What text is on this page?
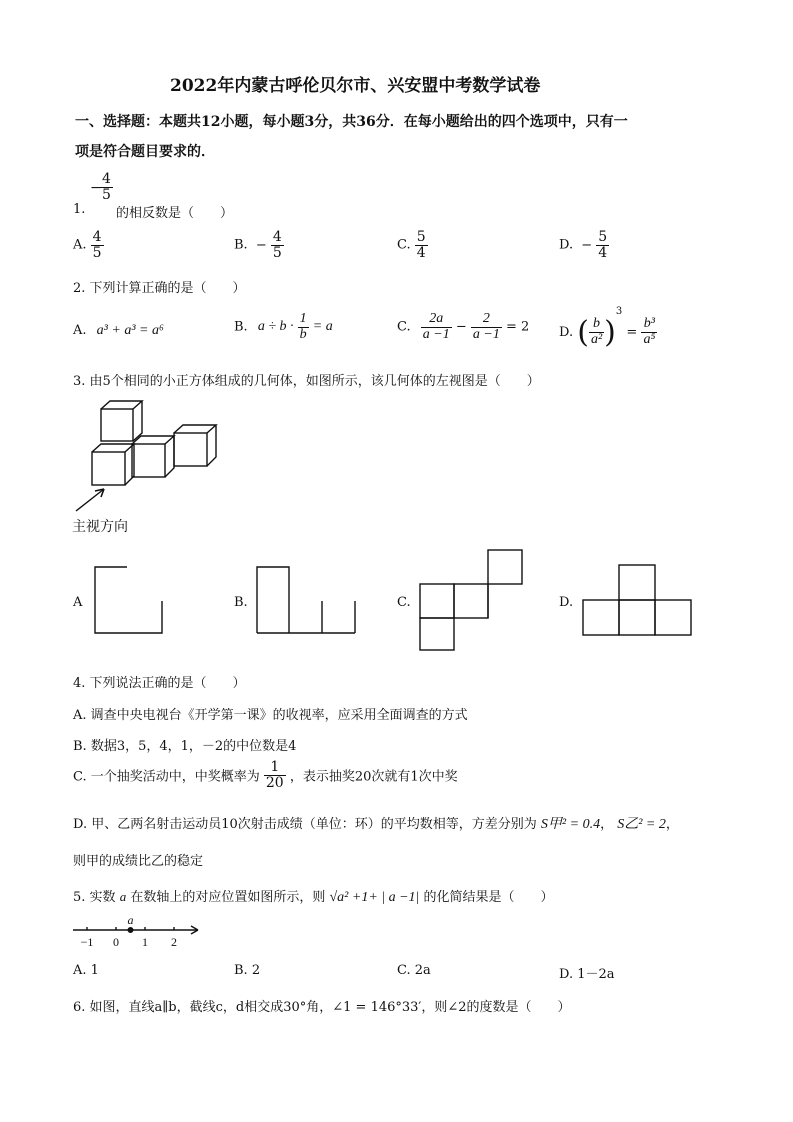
2022年内蒙古呼伦贝尔市、兴安盟中考数学试卷
一、选择题：本题共12小题，每小题3分，共36分．在每小题给出的四个选项中，只有一
项是符合题目要求的．
−
$\frac{4}{5}$
1. 的相反数是（　　）
A. $\frac{4}{5}$	B. − $\frac{4}{5}$	C. $\frac{5}{4}$	D. − $\frac{5}{4}$
2. 下列计算正确的是（　　）
A. a³ + a³ = a⁶	B. $a \div b \cdot \frac{1}{b} = a$	C. $\frac{2a}{a -1} - \frac{2}{a -1} = 2$ D. ( $\frac{b}{\text{a²}} )^3 = \frac{\text{b³}}{\text{a⁵}}$
3. 由5个相同的小正方体组成的几何体，如图所示，该几何体的左视图是（　　）
主视方向
A	B.	C.	D.
4. 下列说法正确的是（　　）
A. 调查中央电视台《开学第一课》的收视率，应采用全面调查的方式
B. 数据3，5，4，1，－2的中位数是4
C. 一个抽奖活动中，中奖概率为 $\frac{1}{20}$ ，表示抽奖20次就有1次中奖
D. 甲、乙两名射击运动员10次射击成绩（单位：环）的平均数相等，方差分别为 S甲² = 0.4， S乙² = 2，
则甲的成绩比乙的稳定
5. 实数 a 在数轴上的对应位置如图所示，则 √a² +1+ | a −1| 的化简结果是（　　）
−1 0 1 2
a
A. 1	B. 2	C. 2a	D. 1－2a
6. 如图，直线a∥b，截线c，d相交成30°角，∠1 = 146°33′，则∠2的度数是（　　）
